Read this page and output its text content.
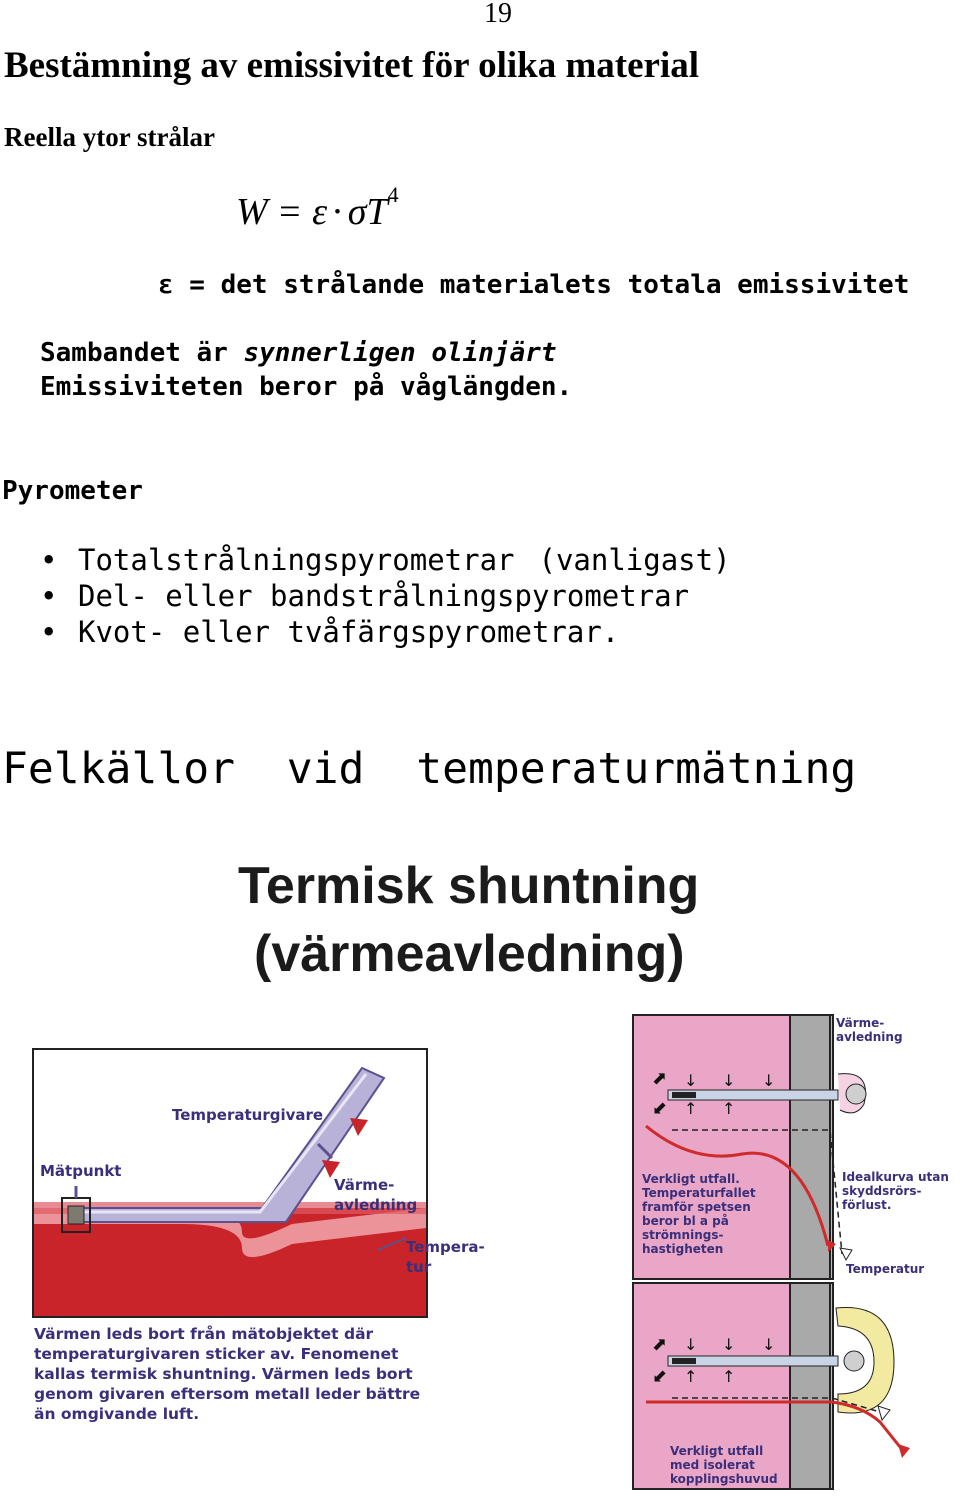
19
Bestämning av emissivitet för olika material
Reella ytor strålar
$W = \varepsilon \cdot \sigma T^4$
ε = det strålande materialets totala emissivitet
Sambandet är synnerligen olinjärt
Emissiviteten beror på våglängden.
Pyrometer
• Totalstrålningspyrometrar (vanligast)
• Del- eller bandstrålningspyrometrar
• Kvot- eller tvåfärgspyrometrar.
Felkällor  vid  temperaturmätning
Termisk shuntning
(värmeavledning)
Temperaturgivare
Mätpunkt
Värme-
avledning
Tempera-
tur
Värmen leds bort från mätobjektet där
temperaturgivaren sticker av. Fenomenet
kallas termisk shuntning. Värmen leds bort
genom givaren eftersom metall leder bättre
än omgivande luft.
⬈
⬋ ↑ ↑
↓ ↓ ↓
Värme-
avledning
Verkligt utfall.
Temperaturfallet
framför spetsen
beror bl a på
strömnings-
hastigheten
Idealkurva utan
skyddsrörs-
förlust.
Temperatur
⬈
⬋ ↑ ↑
↓ ↓ ↓
Verkligt utfall
med isolerat
kopplingshuvud
